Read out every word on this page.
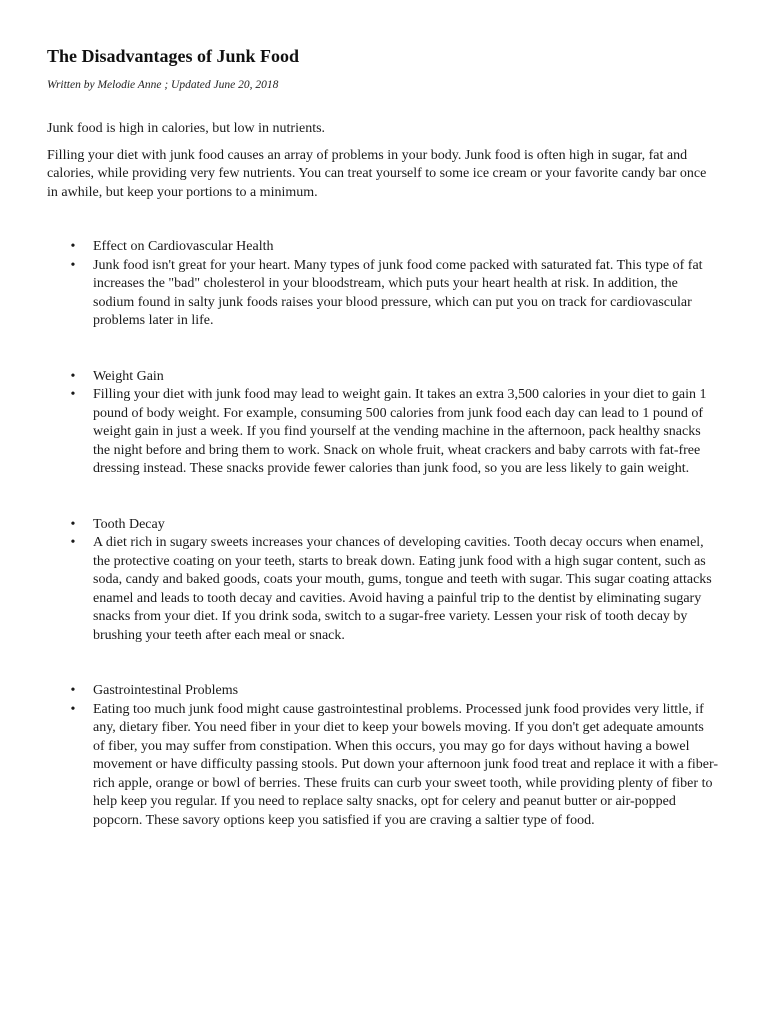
The Disadvantages of Junk Food
Written by Melodie Anne ; Updated June 20, 2018

Junk food is high in calories, but low in nutrients.

Filling your diet with junk food causes an array of problems in your body. Junk food is often high in sugar, fat and calories, while providing very few nutrients. You can treat yourself to some ice cream or your favorite candy bar once in awhile, but keep your portions to a minimum.

• Effect on Cardiovascular Health
• Junk food isn't great for your heart. Many types of junk food come packed with saturated fat. This type of fat increases the "bad" cholesterol in your bloodstream, which puts your heart health at risk. In addition, the sodium found in salty junk foods raises your blood pressure, which can put you on track for cardiovascular problems later in life.
• Weight Gain
• Filling your diet with junk food may lead to weight gain. It takes an extra 3,500 calories in your diet to gain 1 pound of body weight. For example, consuming 500 calories from junk food each day can lead to 1 pound of weight gain in just a week. If you find yourself at the vending machine in the afternoon, pack healthy snacks the night before and bring them to work. Snack on whole fruit, wheat crackers and baby carrots with fat-free dressing instead. These snacks provide fewer calories than junk food, so you are less likely to gain weight.
• Tooth Decay
• A diet rich in sugary sweets increases your chances of developing cavities. Tooth decay occurs when enamel, the protective coating on your teeth, starts to break down. Eating junk food with a high sugar content, such as soda, candy and baked goods, coats your mouth, gums, tongue and teeth with sugar. This sugar coating attacks enamel and leads to tooth decay and cavities. Avoid having a painful trip to the dentist by eliminating sugary snacks from your diet. If you drink soda, switch to a sugar-free variety. Lessen your risk of tooth decay by brushing your teeth after each meal or snack.
• Gastrointestinal Problems
• Eating too much junk food might cause gastrointestinal problems. Processed junk food provides very little, if any, dietary fiber. You need fiber in your diet to keep your bowels moving. If you don't get adequate amounts of fiber, you may suffer from constipation. When this occurs, you may go for days without having a bowel movement or have difficulty passing stools. Put down your afternoon junk food treat and replace it with a fiber-rich apple, orange or bowl of berries. These fruits can curb your sweet tooth, while providing plenty of fiber to help keep you regular. If you need to replace salty snacks, opt for celery and peanut butter or air-popped popcorn. These savory options keep you satisfied if you are craving a saltier type of food.
